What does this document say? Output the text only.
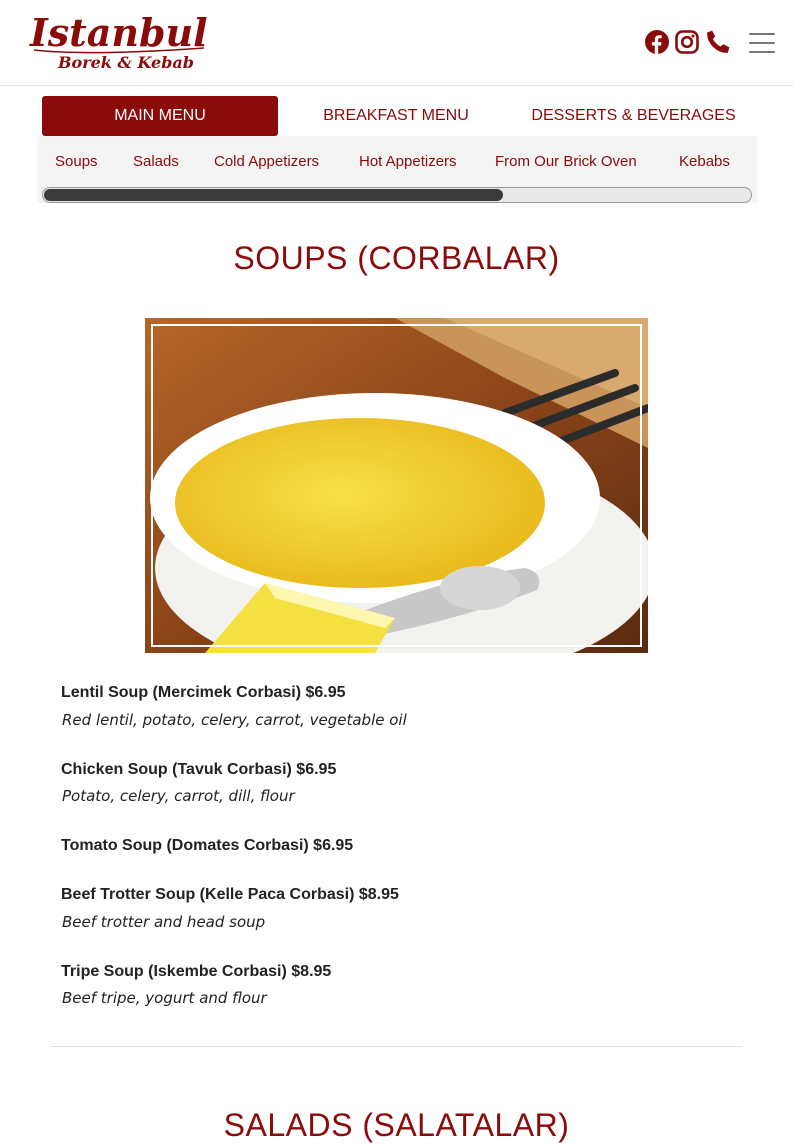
Istanbul
Borek & Kebab
MAIN MENU	BREAKFAST MENU	DESSERTS & BEVERAGES
Soups Salads Cold Appetizers	Hot Appetizers	From Our Brick Oven	Kebabs
SOUPS (CORBALAR)
Lentil Soup (Mercimek Corbasi) $6.95
Red lentil, potato, celery, carrot, vegetable oil
Chicken Soup (Tavuk Corbasi) $6.95
Potato, celery, carrot, dill, flour
Tomato Soup (Domates Corbasi) $6.95
Beef Trotter Soup (Kelle Paca Corbasi) $8.95
Beef trotter and head soup
Tripe Soup (Iskembe Corbasi) $8.95
Beef tripe, yogurt and flour
SALADS (SALATALAR)
